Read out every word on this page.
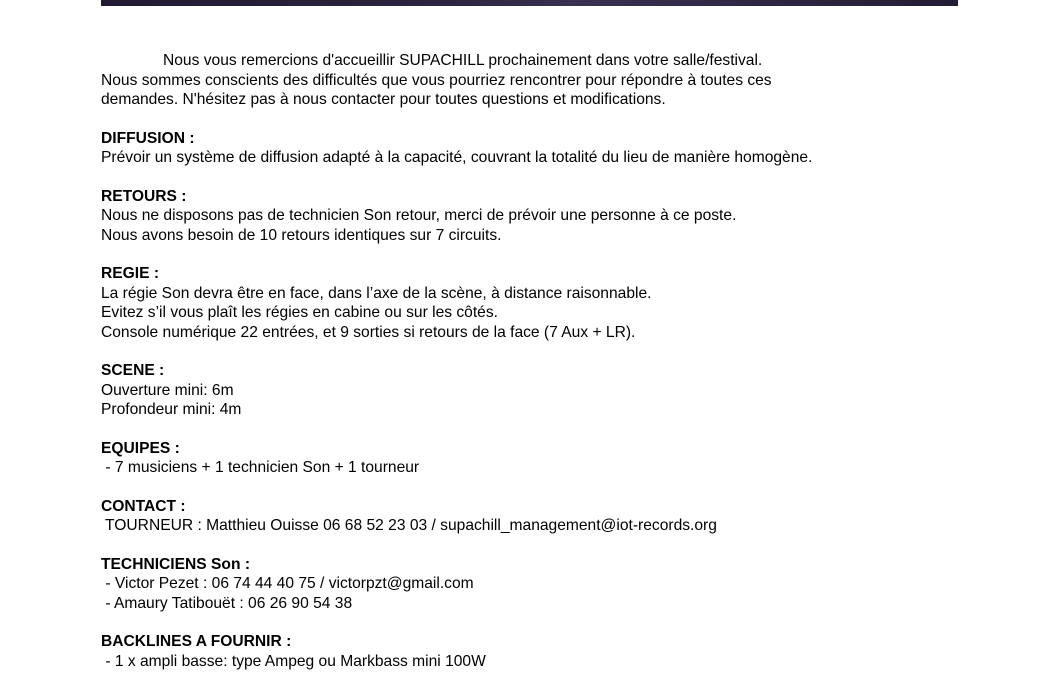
Nous vous remercions d'accueillir SUPACHILL prochainement dans votre salle/festival.

Nous sommes conscients des difficultés que vous pourriez rencontrer pour répondre à toutes ces

demandes. N'hésitez pas à nous contacter pour toutes questions et modifications.

DIFFUSION :

Prévoir un système de diffusion adapté à la capacité, couvrant la totalité du lieu de manière homogène.

RETOURS :

Nous ne disposons pas de technicien Son retour, merci de prévoir une personne à ce poste.

Nous avons besoin de 10 retours identiques sur 7 circuits.

REGIE :

La régie Son devra être en face, dans l’axe de la scène, à distance raisonnable.

Evitez s’il vous plaît les régies en cabine ou sur les côtés.

Console numérique 22 entrées, et 9 sorties si retours de la face (7 Aux + LR).

SCENE :

Ouverture mini: 6m

Profondeur mini: 4m

EQUIPES :

- 7 musiciens + 1 technicien Son + 1 tourneur

CONTACT :

TOURNEUR : Matthieu Ouisse 06 68 52 23 03 / supachill_management@iot-records.org

TECHNICIENS Son :

- Victor Pezet : 06 74 44 40 75 / victorpzt@gmail.com

- Amaury Tatibouët : 06 26 90 54 38

BACKLINES A FOURNIR :

- 1 x ampli basse: type Ampeg ou Markbass mini 100W
